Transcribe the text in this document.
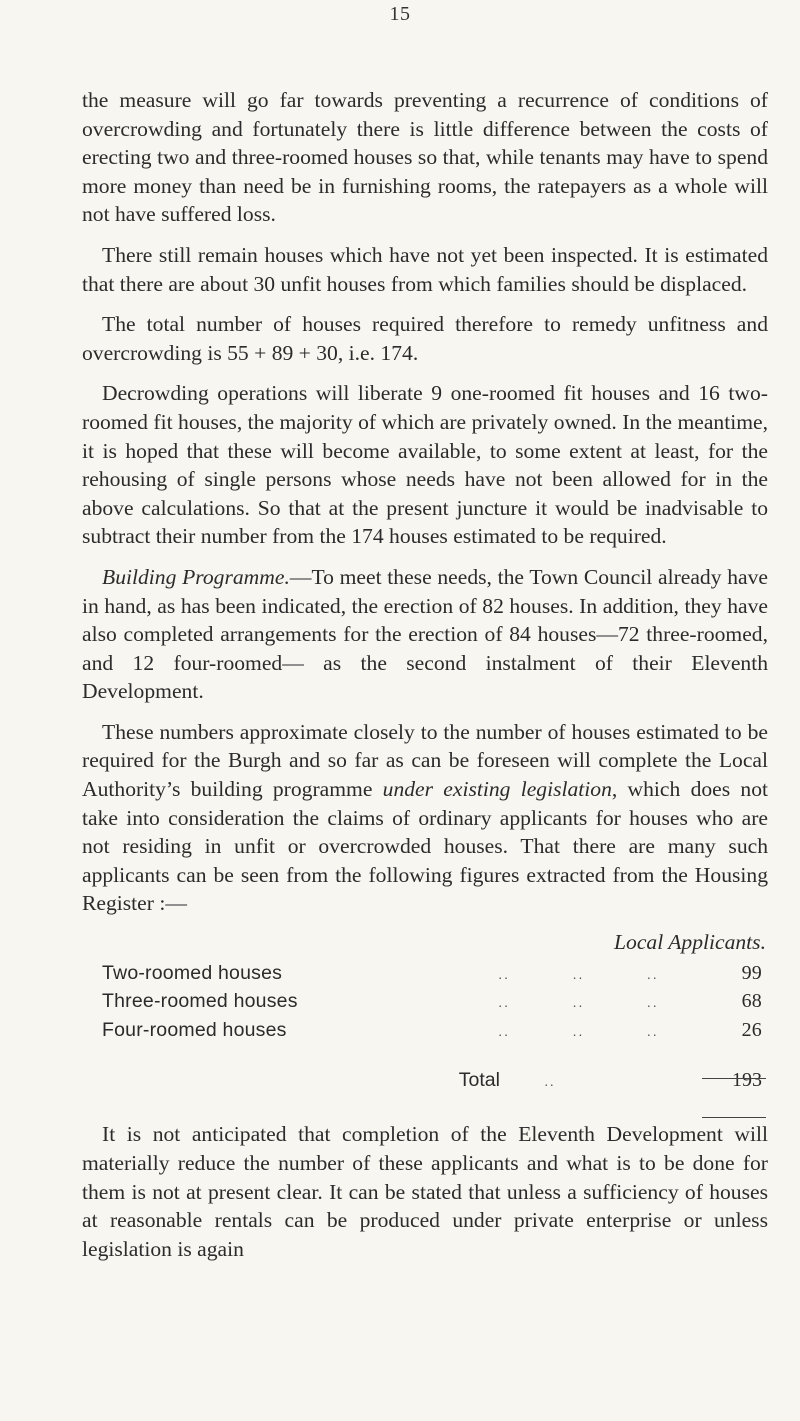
15

the measure will go far towards preventing a recurrence of conditions of overcrowding and fortunately there is little difference between the costs of erecting two and three-roomed houses so that, while tenants may have to spend more money than need be in furnishing rooms, the ratepayers as a whole will not have suffered loss.

There still remain houses which have not yet been inspected. It is estimated that there are about 30 unfit houses from which families should be displaced.

The total number of houses required therefore to remedy unfitness and overcrowding is 55 + 89 + 30, i.e. 174.

Decrowding operations will liberate 9 one-roomed fit houses and 16 two-roomed fit houses, the majority of which are privately owned. In the meantime, it is hoped that these will become available, to some extent at least, for the rehousing of single persons whose needs have not been allowed for in the above calculations. So that at the present juncture it would be inadvisable to subtract their number from the 174 houses estimated to be required.

Building Programme.—To meet these needs, the Town Council already have in hand, as has been indicated, the erection of 82 houses. In addition, they have also completed arrangements for the erection of 84 houses—72 three-roomed, and 12 four-roomed— as the second instalment of their Eleventh Development.

These numbers approximate closely to the number of houses estimated to be required for the Burgh and so far as can be foreseen will complete the Local Authority’s building programme under existing legislation, which does not take into consideration the claims of ordinary applicants for houses who are not residing in unfit or overcrowded houses. That there are many such applicants can be seen from the following figures extracted from the Housing Register :—

Local Applicants.
Two-roomed houses	..	..	..	99
Three-roomed houses	..	..	..	68
Four-roomed houses	..	..	..	26
Total	..	193

It is not anticipated that completion of the Eleventh Development will materially reduce the number of these applicants and what is to be done for them is not at present clear. It can be stated that unless a sufficiency of houses at reasonable rentals can be produced under private enterprise or unless legislation is again
